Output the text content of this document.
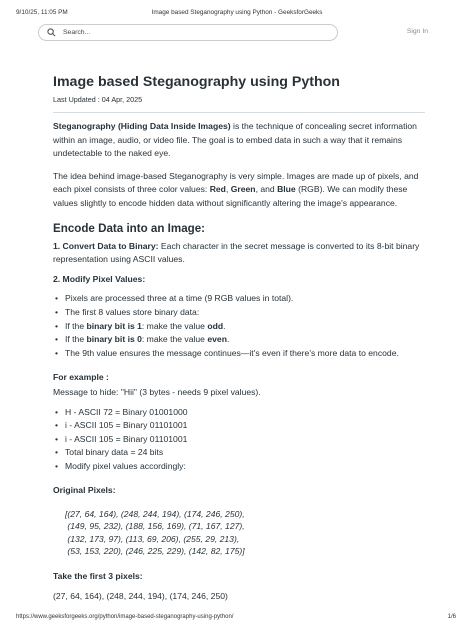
9/10/25, 11:05 PM	Image based Steganography using Python - GeeksforGeeks
Search...	Sign In
Image based Steganography using Python
Last Updated : 04 Apr, 2025

Steganography (Hiding Data Inside Images) is the technique of concealing secret information within an image, audio, or video file. The goal is to embed data in such a way that it remains undetectable to the naked eye.

The idea behind image-based Steganography is very simple. Images are made up of pixels, and each pixel consists of three color values: Red, Green, and Blue (RGB). We can modify these values slightly to encode hidden data without significantly altering the image's appearance.

Encode Data into an Image:

1. Convert Data to Binary: Each character in the secret message is converted to its 8-bit binary representation using ASCII values.

2. Modify Pixel Values:

• Pixels are processed three at a time (9 RGB values in total).
• The first 8 values store binary data:
• If the binary bit is 1: make the value odd.
• If the binary bit is 0: make the value even.
• The 9th value ensures the message continues—it's even if there's more data to encode.

For example :

Message to hide: "Hii" (3 bytes - needs 9 pixel values).

• H - ASCII 72 = Binary 01001000
• i - ASCII 105 = Binary 01101001
• i - ASCII 105 = Binary 01101001
• Total binary data = 24 bits
• Modify pixel values accordingly:

Original Pixels:

[(27, 64, 164), (248, 244, 194), (174, 246, 250),
(149, 95, 232), (188, 156, 169), (71, 167, 127),
(132, 173, 97), (113, 69, 206), (255, 29, 213),
(53, 153, 220), (246, 225, 229), (142, 82, 175)]

Take the first 3 pixels:

(27, 64, 164), (248, 244, 194), (174, 246, 250)

https://www.geeksforgeeks.org/python/image-based-steganography-using-python/	1/6
